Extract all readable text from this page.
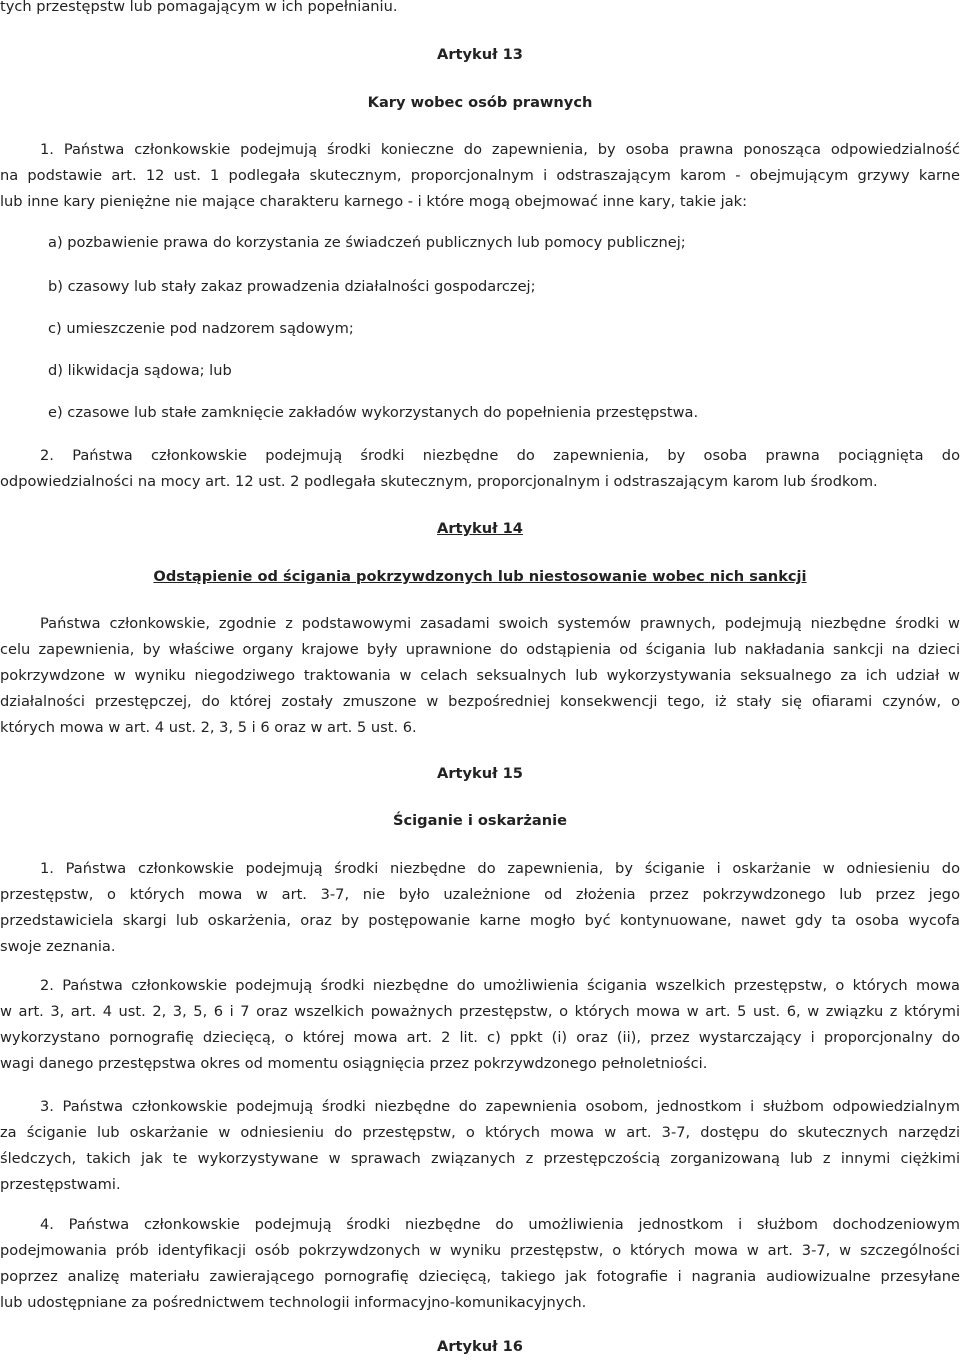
tych przestępstw lub pomagającym w ich popełnianiu.
Artykuł 13
Kary wobec osób prawnych
1. Państwa członkowskie podejmują środki konieczne do zapewnienia, by osoba prawna ponosząca odpowiedzialność
na podstawie art. 12 ust. 1 podlegała skutecznym, proporcjonalnym i odstraszającym karom - obejmującym grzywy karne
lub inne kary pieniężne nie mające charakteru karnego - i które mogą obejmować inne kary, takie jak:
a) pozbawienie prawa do korzystania ze świadczeń publicznych lub pomocy publicznej;
b) czasowy lub stały zakaz prowadzenia działalności gospodarczej;
c) umieszczenie pod nadzorem sądowym;
d) likwidacja sądowa; lub
e) czasowe lub stałe zamknięcie zakładów wykorzystanych do popełnienia przestępstwa.
2. Państwa członkowskie podejmują środki niezbędne do zapewnienia, by osoba prawna pociągnięta do
odpowiedzialności na mocy art. 12 ust. 2 podlegała skutecznym, proporcjonalnym i odstraszającym karom lub środkom.
Artykuł 14
Odstąpienie od ścigania pokrzywdzonych lub niestosowanie wobec nich sankcji
Państwa członkowskie, zgodnie z podstawowymi zasadami swoich systemów prawnych, podejmują niezbędne środki w
celu zapewnienia, by właściwe organy krajowe były uprawnione do odstąpienia od ścigania lub nakładania sankcji na dzieci
pokrzywdzone w wyniku niegodziwego traktowania w celach seksualnych lub wykorzystywania seksualnego za ich udział w
działalności przestępczej, do której zostały zmuszone w bezpośredniej konsekwencji tego, iż stały się ofiarami czynów, o
których mowa w art. 4 ust. 2, 3, 5 i 6 oraz w art. 5 ust. 6.
Artykuł 15
Ściganie i oskarżanie
1. Państwa członkowskie podejmują środki niezbędne do zapewnienia, by ściganie i oskarżanie w odniesieniu do
przestępstw, o których mowa w art. 3-7, nie było uzależnione od złożenia przez pokrzywdzonego lub przez jego
przedstawiciela skargi lub oskarżenia, oraz by postępowanie karne mogło być kontynuowane, nawet gdy ta osoba wycofa
swoje zeznania.
2. Państwa członkowskie podejmują środki niezbędne do umożliwienia ścigania wszelkich przestępstw, o których mowa
w art. 3, art. 4 ust. 2, 3, 5, 6 i 7 oraz wszelkich poważnych przestępstw, o których mowa w art. 5 ust. 6, w związku z którymi
wykorzystano pornografię dziecięcą, o której mowa art. 2 lit. c) ppkt (i) oraz (ii), przez wystarczający i proporcjonalny do
wagi danego przestępstwa okres od momentu osiągnięcia przez pokrzywdzonego pełnoletniości.
3. Państwa członkowskie podejmują środki niezbędne do zapewnienia osobom, jednostkom i służbom odpowiedzialnym
za ściganie lub oskarżanie w odniesieniu do przestępstw, o których mowa w art. 3-7, dostępu do skutecznych narzędzi
śledczych, takich jak te wykorzystywane w sprawach związanych z przestępczością zorganizowaną lub z innymi ciężkimi
przestępstwami.
4. Państwa członkowskie podejmują środki niezbędne do umożliwienia jednostkom i służbom dochodzeniowym
podejmowania prób identyfikacji osób pokrzywdzonych w wyniku przestępstw, o których mowa w art. 3-7, w szczególności
poprzez analizę materiału zawierającego pornografię dziecięcą, takiego jak fotografie i nagrania audiowizualne przesyłane
lub udostępniane za pośrednictwem technologii informacyjno-komunikacyjnych.
Artykuł 16
